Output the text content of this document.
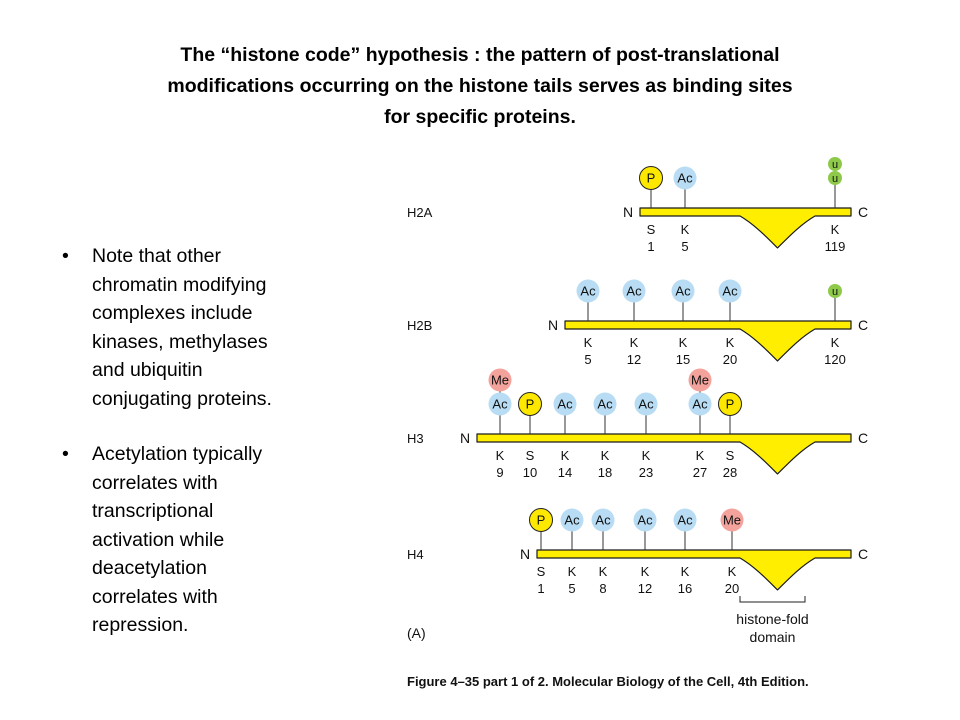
The “histone code” hypothesis : the pattern of post-translational
modifications occurring on the histone tails serves as binding sites
for specific proteins.
• Note that other
chromatin modifying
complexes include
kinases, methylases
and ubiquitin
conjugating proteins.
• Acetylation typically
correlates with
transcriptional
activation while
deacetylation
correlates with
repression.
H2A	N	C
P
S
1
Ac
K
5
u
u
K
119
H2B	N	C
Ac
K
5
Ac
K
12
Ac
K
15
Ac
K
20
u
K
120
H3	N	C
Ac
Me
K
9
P
S
10
Ac
K
14
Ac
K
18
Ac
K
23
Ac
Me
K
27
P
S
28
H4	N	C
P
S
1
Ac
K
5
Ac
K
8
Ac
K
12
Ac
K
16
Me
K
20
histone-fold
domain
(A)
Figure 4–35 part 1 of 2. Molecular Biology of the Cell, 4th Edition.
